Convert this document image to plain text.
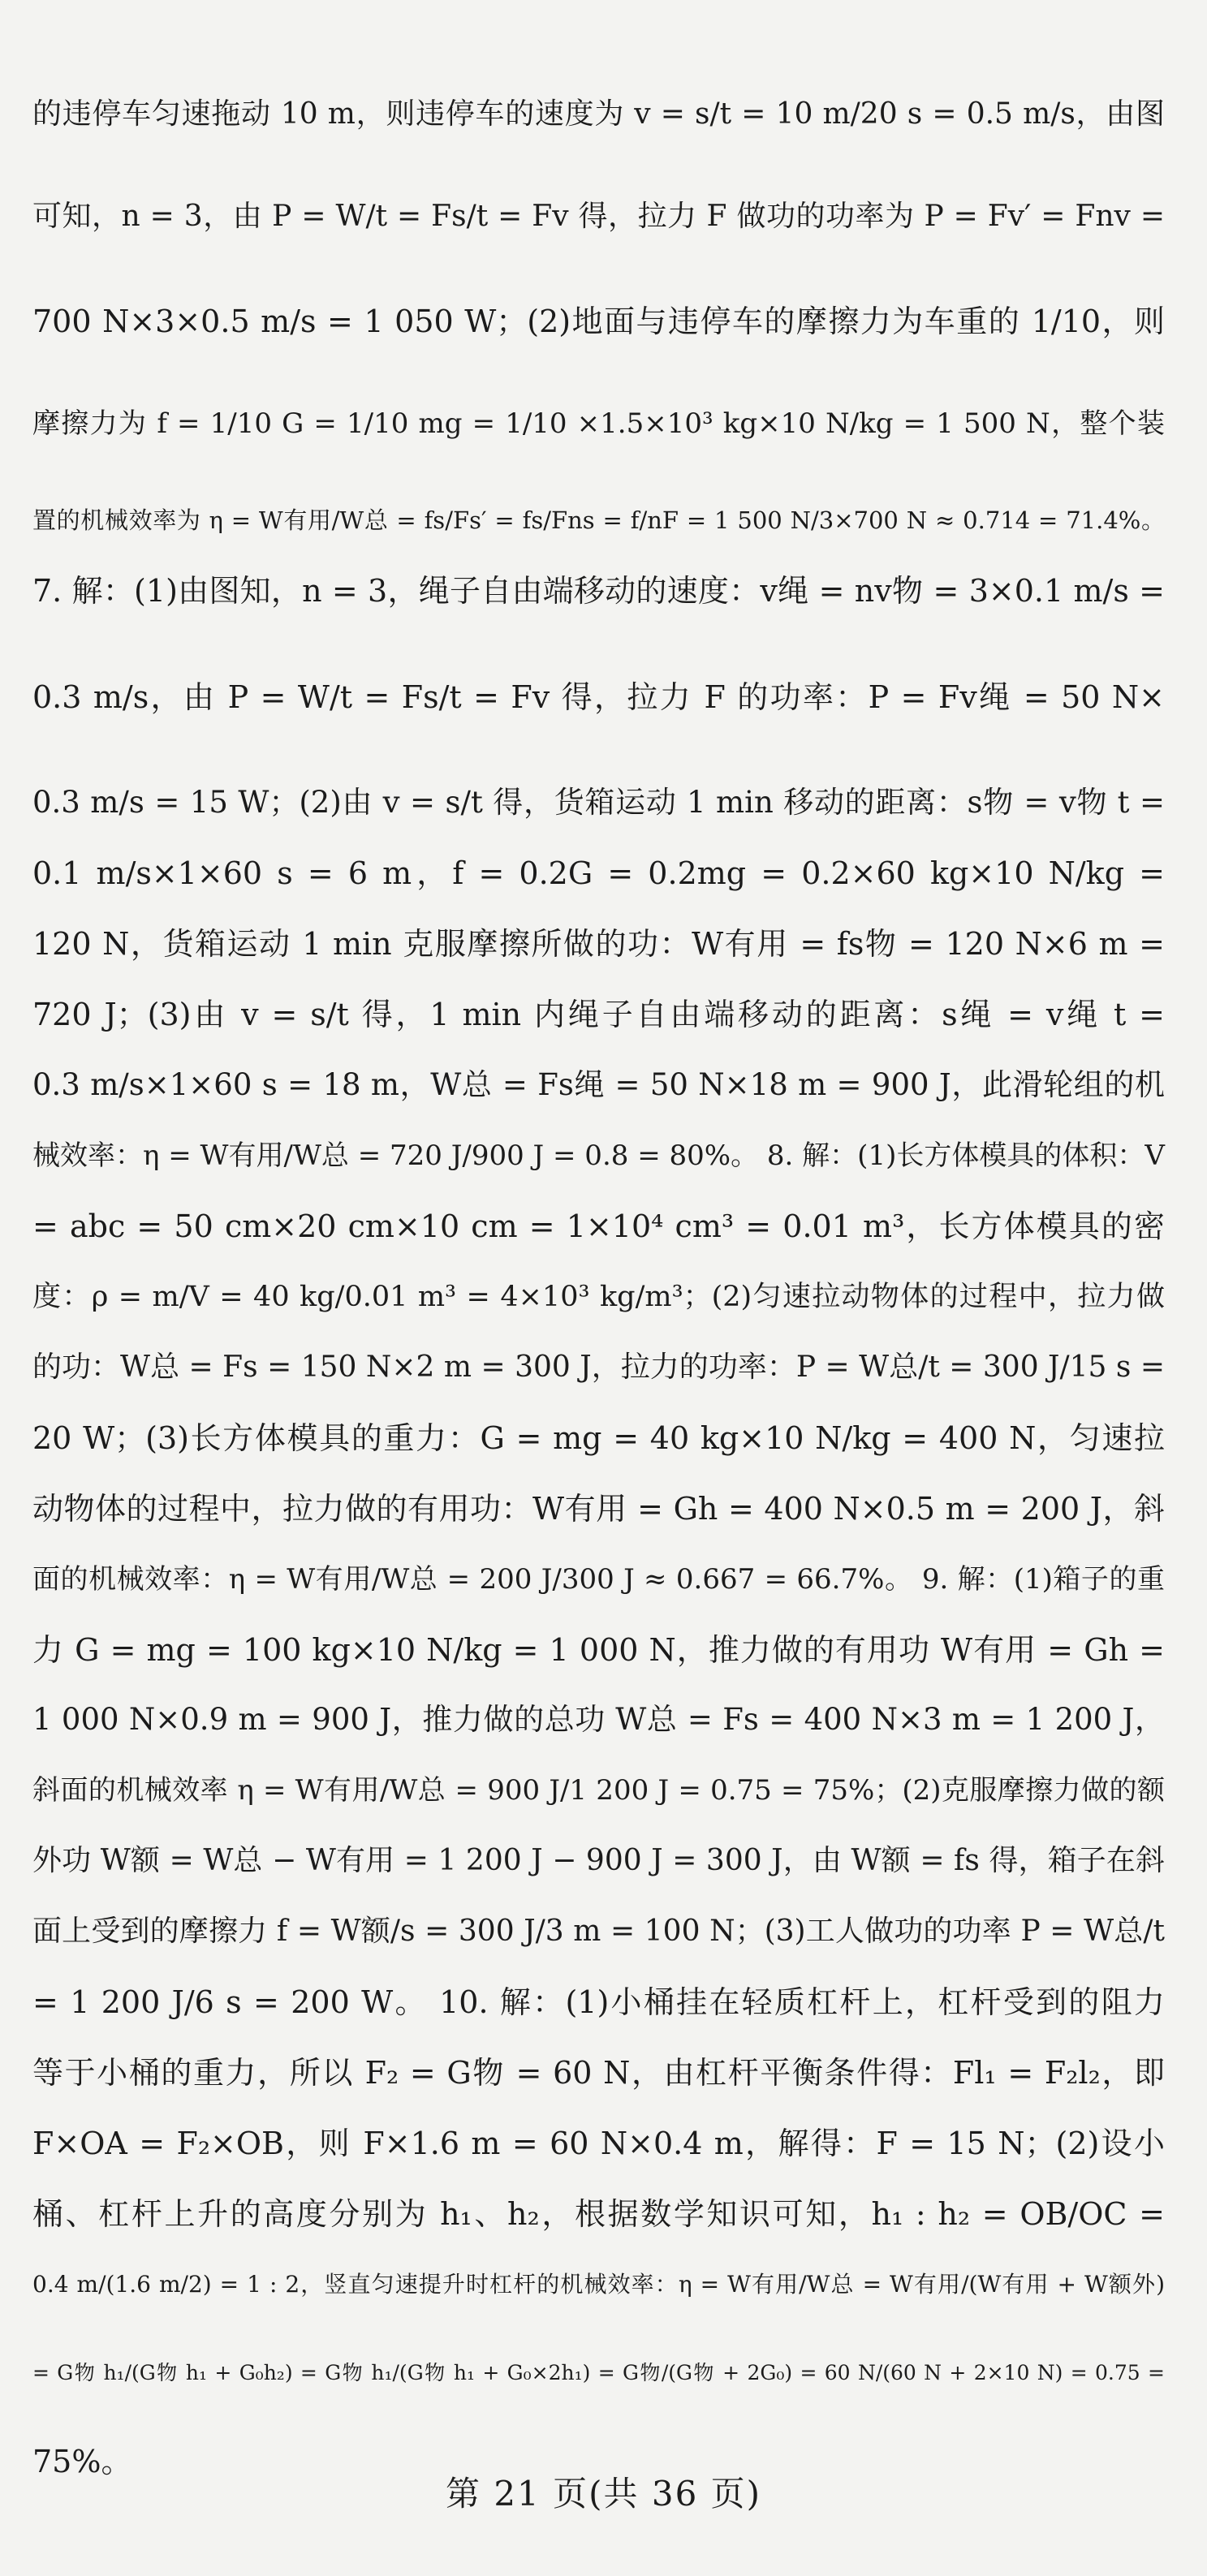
的违停车匀速拖动 10 m，则违停车的速度为 v = s/t = 10 m/20 s = 0.5 m/s，由图
可知，n = 3，由 P = W/t = Fs/t = Fv 得，拉力 F 做功的功率为 P = Fv′ = Fnv =
700 N×3×0.5 m/s = 1 050 W；(2)地面与违停车的摩擦力为车重的 1/10，则
摩擦力为 f = 1/10 G = 1/10 mg = 1/10 ×1.5×10³ kg×10 N/kg = 1 500 N，整个装
置的机械效率为 η = W有用/W总 = fs/Fs′ = fs/Fns = f/nF = 1 500 N/3×700 N ≈ 0.714 = 71.4%。
7. 解：(1)由图知，n = 3，绳子自由端移动的速度：v绳 = nv物 = 3×0.1 m/s =
0.3 m/s，由 P = W/t = Fs/t = Fv 得，拉力 F 的功率：P = Fv绳 = 50 N×
0.3 m/s = 15 W；(2)由 v = s/t 得，货箱运动 1 min 移动的距离：s物 = v物 t =
0.1 m/s×1×60 s = 6 m，f = 0.2G = 0.2mg = 0.2×60 kg×10 N/kg =
120 N，货箱运动 1 min 克服摩擦所做的功：W有用 = fs物 = 120 N×6 m =
720 J；(3)由 v = s/t 得，1 min 内绳子自由端移动的距离：s绳 = v绳 t =
0.3 m/s×1×60 s = 18 m，W总 = Fs绳 = 50 N×18 m = 900 J，此滑轮组的机
械效率：η = W有用/W总 = 720 J/900 J = 0.8 = 80%。 8. 解：(1)长方体模具的体积：V
= abc = 50 cm×20 cm×10 cm = 1×10⁴ cm³ = 0.01 m³，长方体模具的密
度：ρ = m/V = 40 kg/0.01 m³ = 4×10³ kg/m³；(2)匀速拉动物体的过程中，拉力做
的功：W总 = Fs = 150 N×2 m = 300 J，拉力的功率：P = W总/t = 300 J/15 s =
20 W；(3)长方体模具的重力：G = mg = 40 kg×10 N/kg = 400 N，匀速拉
动物体的过程中，拉力做的有用功：W有用 = Gh = 400 N×0.5 m = 200 J，斜
面的机械效率：η = W有用/W总 = 200 J/300 J ≈ 0.667 = 66.7%。 9. 解：(1)箱子的重
力 G = mg = 100 kg×10 N/kg = 1 000 N，推力做的有用功 W有用 = Gh =
1 000 N×0.9 m = 900 J，推力做的总功 W总 = Fs = 400 N×3 m = 1 200 J，
斜面的机械效率 η = W有用/W总 = 900 J/1 200 J = 0.75 = 75%；(2)克服摩擦力做的额
外功 W额 = W总 − W有用 = 1 200 J − 900 J = 300 J，由 W额 = fs 得，箱子在斜
面上受到的摩擦力 f = W额/s = 300 J/3 m = 100 N；(3)工人做功的功率 P = W总/t
= 1 200 J/6 s = 200 W。 10. 解：(1)小桶挂在轻质杠杆上，杠杆受到的阻力
等于小桶的重力，所以 F₂ = G物 = 60 N，由杠杆平衡条件得：Fl₁ = F₂l₂，即
F×OA = F₂×OB，则 F×1.6 m = 60 N×0.4 m，解得：F = 15 N；(2)设小
桶、杠杆上升的高度分别为 h₁、h₂，根据数学知识可知，h₁ : h₂ = OB/OC =
0.4 m/(1.6 m/2) = 1 : 2，竖直匀速提升时杠杆的机械效率：η = W有用/W总 = W有用/(W有用 + W额外)
= G物 h₁/(G物 h₁ + G₀h₂) = G物 h₁/(G物 h₁ + G₀×2h₁) = G物/(G物 + 2G₀) = 60 N/(60 N + 2×10 N) = 0.75 =
75%。
第 21 页(共 36 页)
